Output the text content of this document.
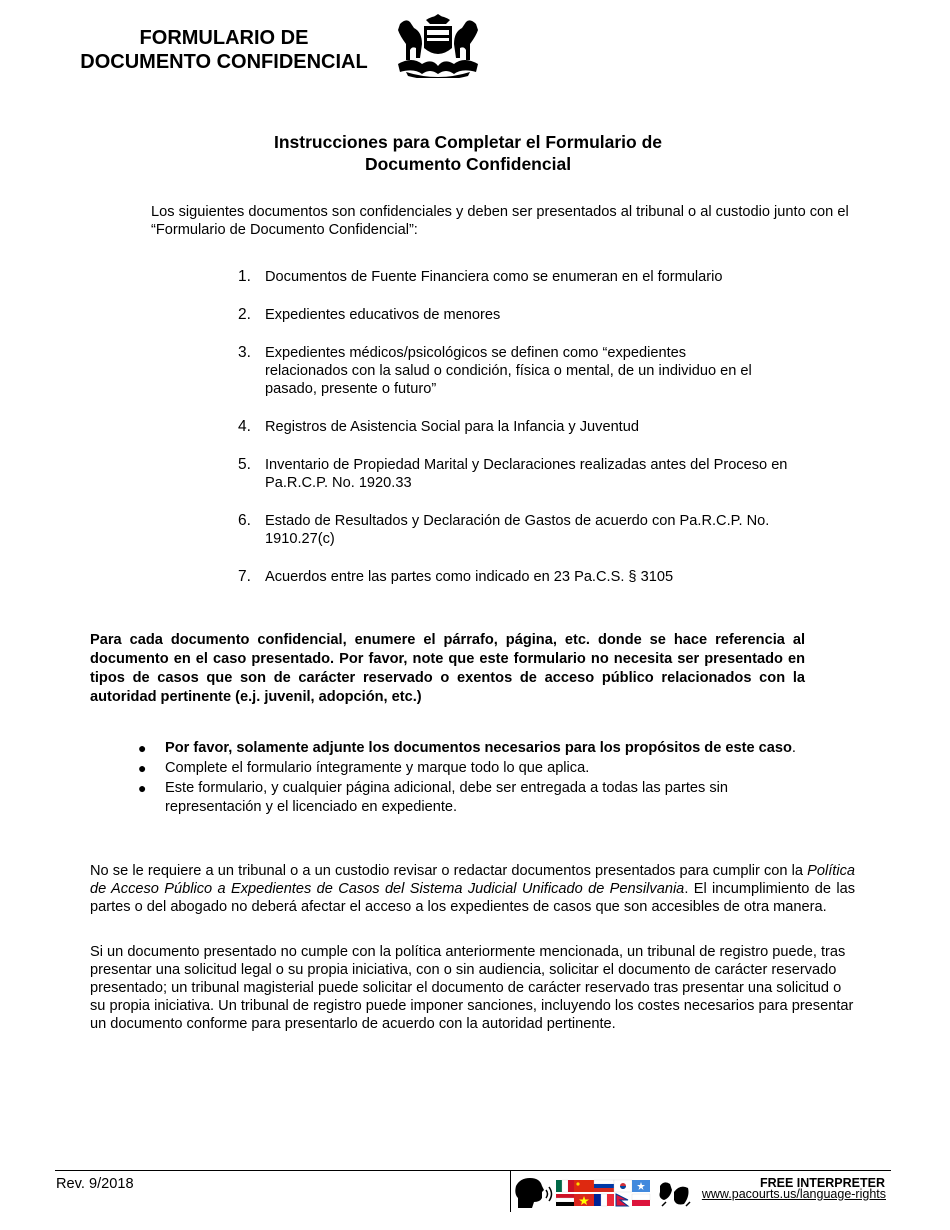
FORMULARIO DE
DOCUMENTO CONFIDENCIAL
Instrucciones para Completar el Formulario de
Documento Confidencial
Los siguientes documentos son confidenciales y deben ser presentados al tribunal o al custodio junto con el “Formulario de Documento Confidencial”:
1. Documentos de Fuente Financiera como se enumeran en el formulario
2. Expedientes educativos de menores
3. Expedientes médicos/psicológicos se definen como “expedientes relacionados con la salud o condición, física o mental, de un individuo en el pasado, presente o futuro”
4. Registros de Asistencia Social para la Infancia y Juventud
5. Inventario de Propiedad Marital y Declaraciones realizadas antes del Proceso en Pa.R.C.P. No. 1920.33
6. Estado de Resultados y Declaración de Gastos de acuerdo con Pa.R.C.P. No. 1910.27(c)
7. Acuerdos entre las partes como indicado en 23 Pa.C.S. § 3105
Para cada documento confidencial, enumere el párrafo, página, etc. donde se hace referencia al documento en el caso presentado. Por favor, note que este formulario no necesita ser presentado en tipos de casos que son de carácter reservado o exentos de acceso público relacionados con la autoridad pertinente (e.j. juvenil, adopción, etc.)
●	Por favor, solamente adjunte los documentos necesarios para los propósitos de este caso.
●	Complete el formulario íntegramente y marque todo lo que aplica.
●	Este formulario, y cualquier página adicional, debe ser entregada a todas las partes sin representación y el licenciado en expediente.
No se le requiere a un tribunal o a un custodio revisar o redactar documentos presentados para cumplir con la Política de Acceso Público a Expedientes de Casos del Sistema Judicial Unificado de Pensilvania. El incumplimiento de las partes o del abogado no deberá afectar el acceso a los expedientes de casos que son accesibles de otra manera.
Si un documento presentado no cumple con la política anteriormente mencionada, un tribunal de registro puede, tras presentar una solicitud legal o su propia iniciativa, con o sin audiencia, solicitar el documento de carácter reservado presentado; un tribunal magisterial puede solicitar el documento de carácter reservado tras presentar una solicitud o su propia iniciativa. Un tribunal de registro puede imponer sanciones, incluyendo los costes necesarios para presentar un documento conforme para presentarlo de acuerdo con la autoridad pertinente.
Rev. 9/2018	FREE INTERPRETER
www.pacourts.us/language-rights
